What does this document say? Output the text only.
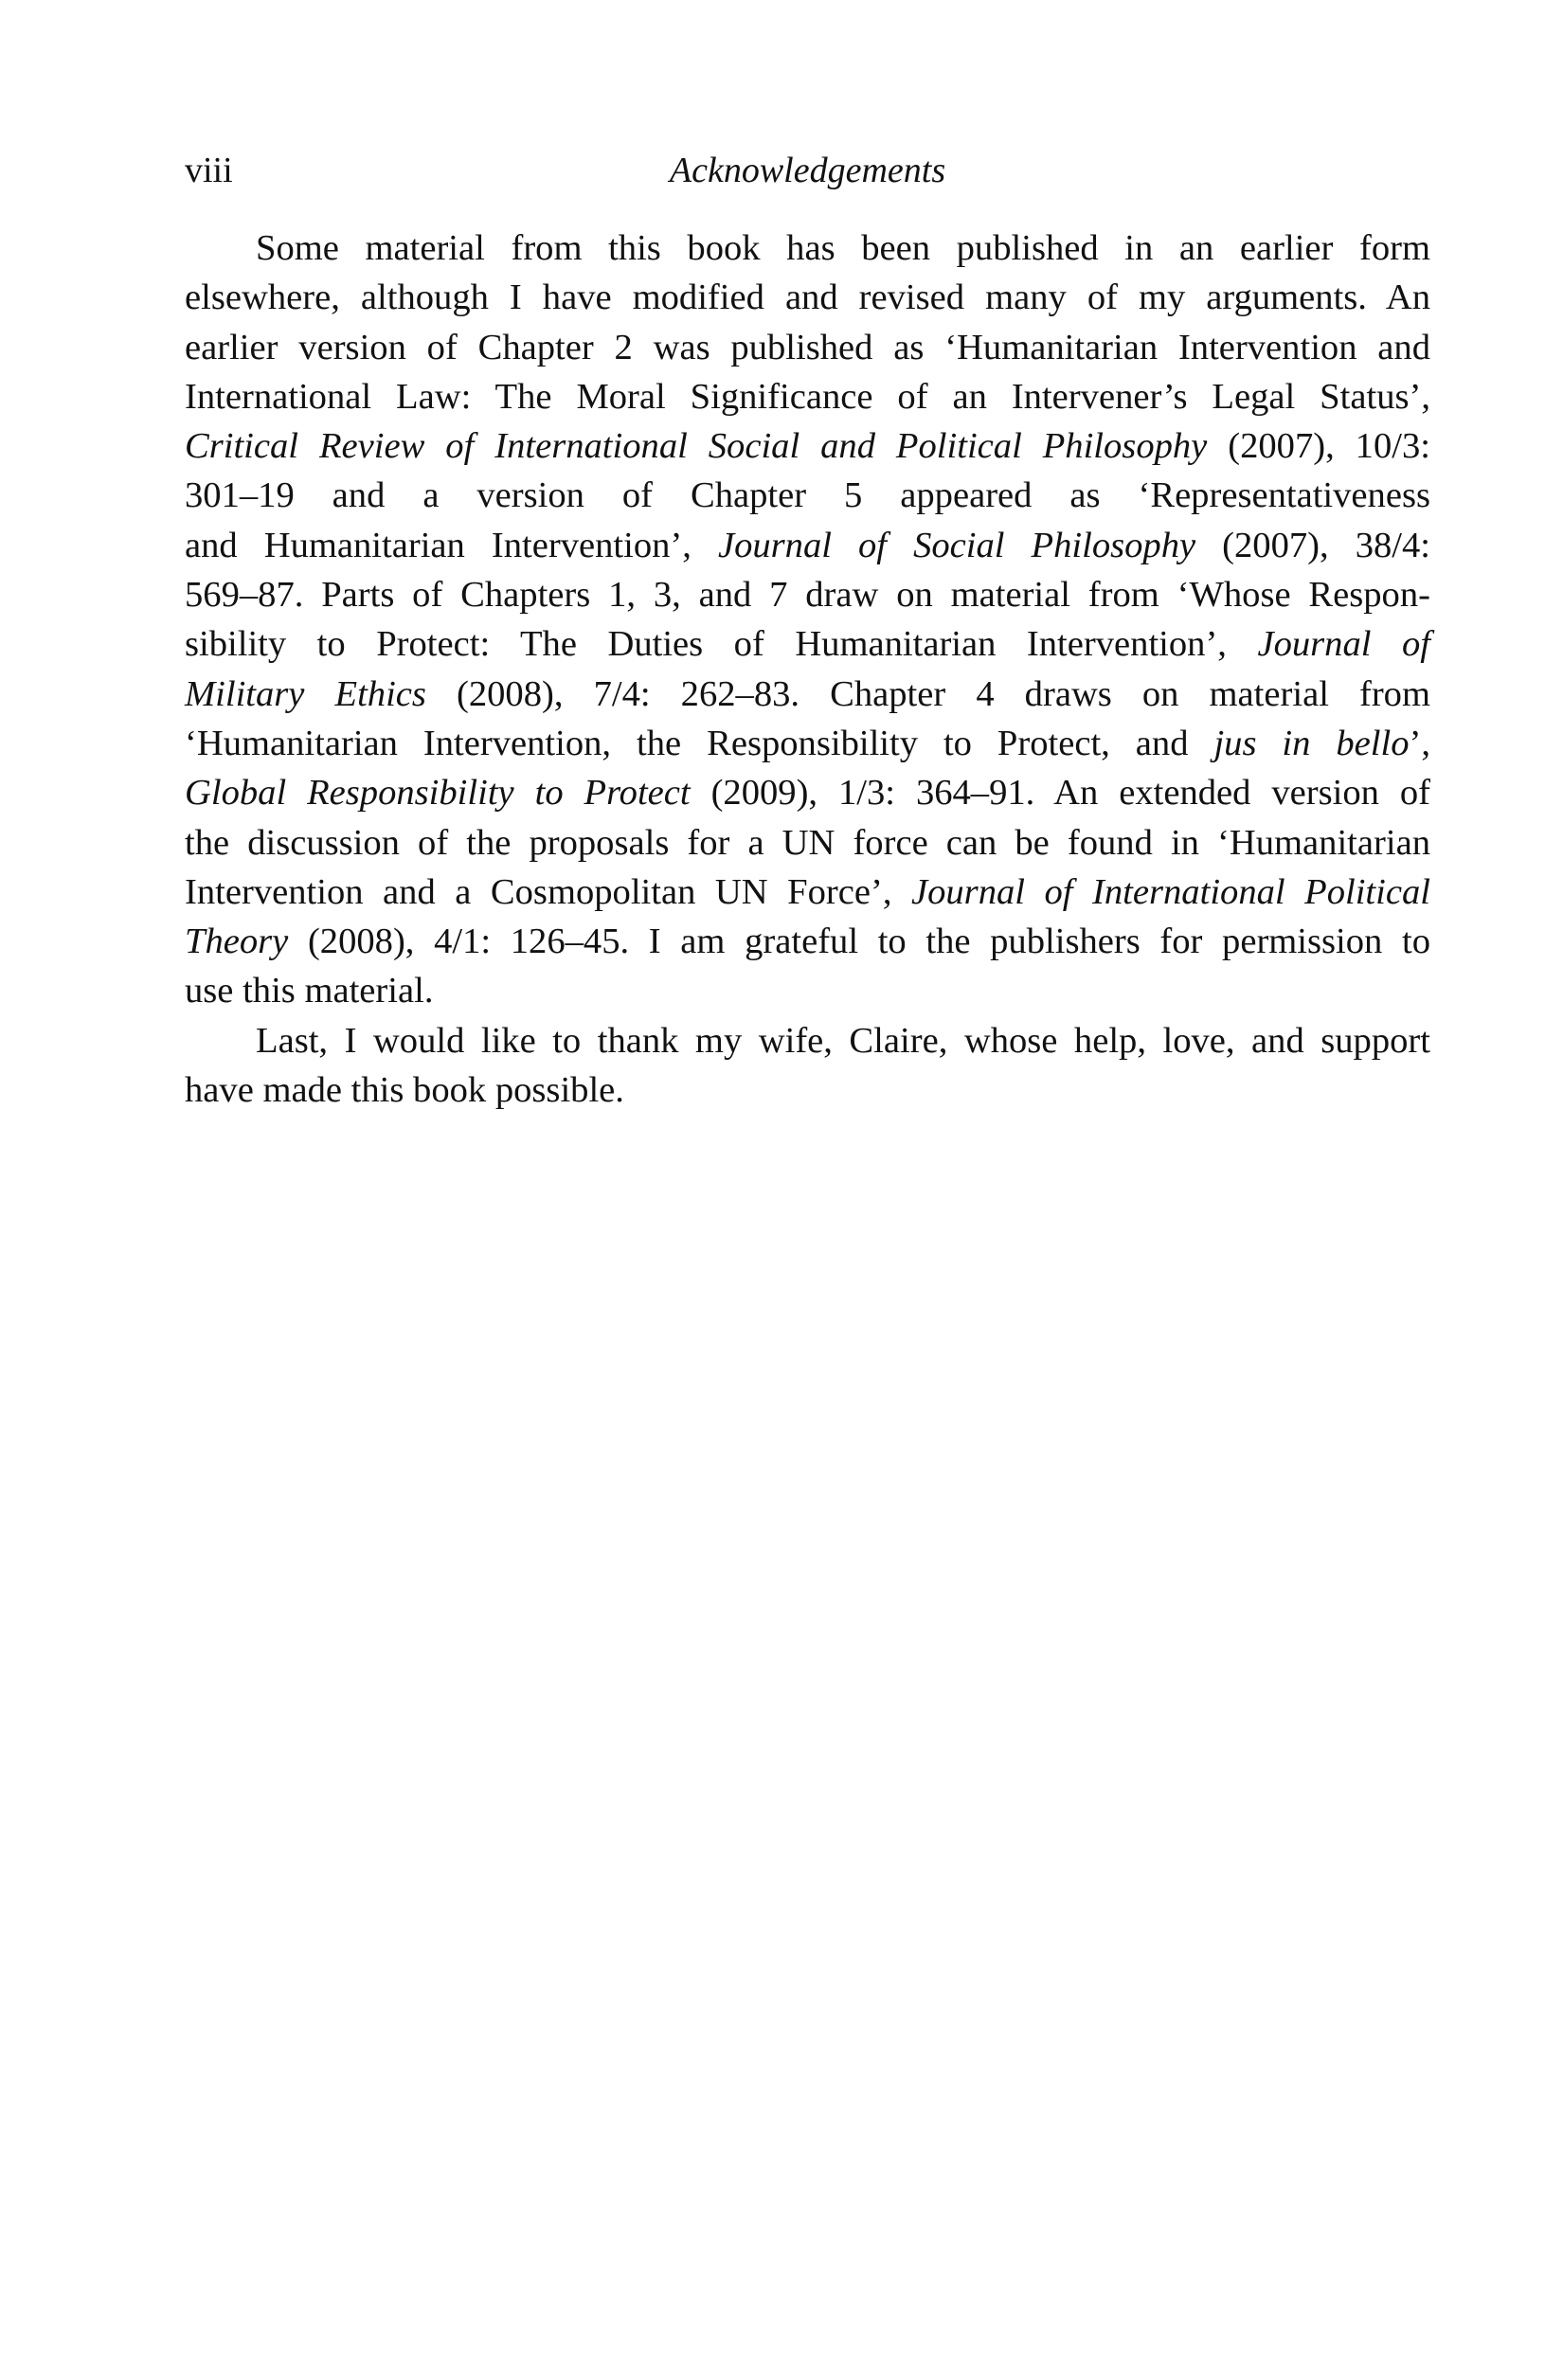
viii	Acknowledgements
Some material from this book has been published in an earlier form
elsewhere, although I have modified and revised many of my arguments. An
earlier version of Chapter 2 was published as ‘Humanitarian Intervention and
International Law: The Moral Significance of an Intervener’s Legal Status’,
Critical Review of International Social and Political Philosophy (2007), 10/3:
301–19 and a version of Chapter 5 appeared as ‘Representativeness
and Humanitarian Intervention’, Journal of Social Philosophy (2007), 38/4:
569–87. Parts of Chapters 1, 3, and 7 draw on material from ‘Whose Respon-
sibility to Protect: The Duties of Humanitarian Intervention’, Journal of
Military Ethics (2008), 7/4: 262–83. Chapter 4 draws on material from
‘Humanitarian Intervention, the Responsibility to Protect, and jus in bello’,
Global Responsibility to Protect (2009), 1/3: 364–91. An extended version of
the discussion of the proposals for a UN force can be found in ‘Humanitarian
Intervention and a Cosmopolitan UN Force’, Journal of International Political
Theory (2008), 4/1: 126–45. I am grateful to the publishers for permission to
use this material.
Last, I would like to thank my wife, Claire, whose help, love, and support
have made this book possible.
